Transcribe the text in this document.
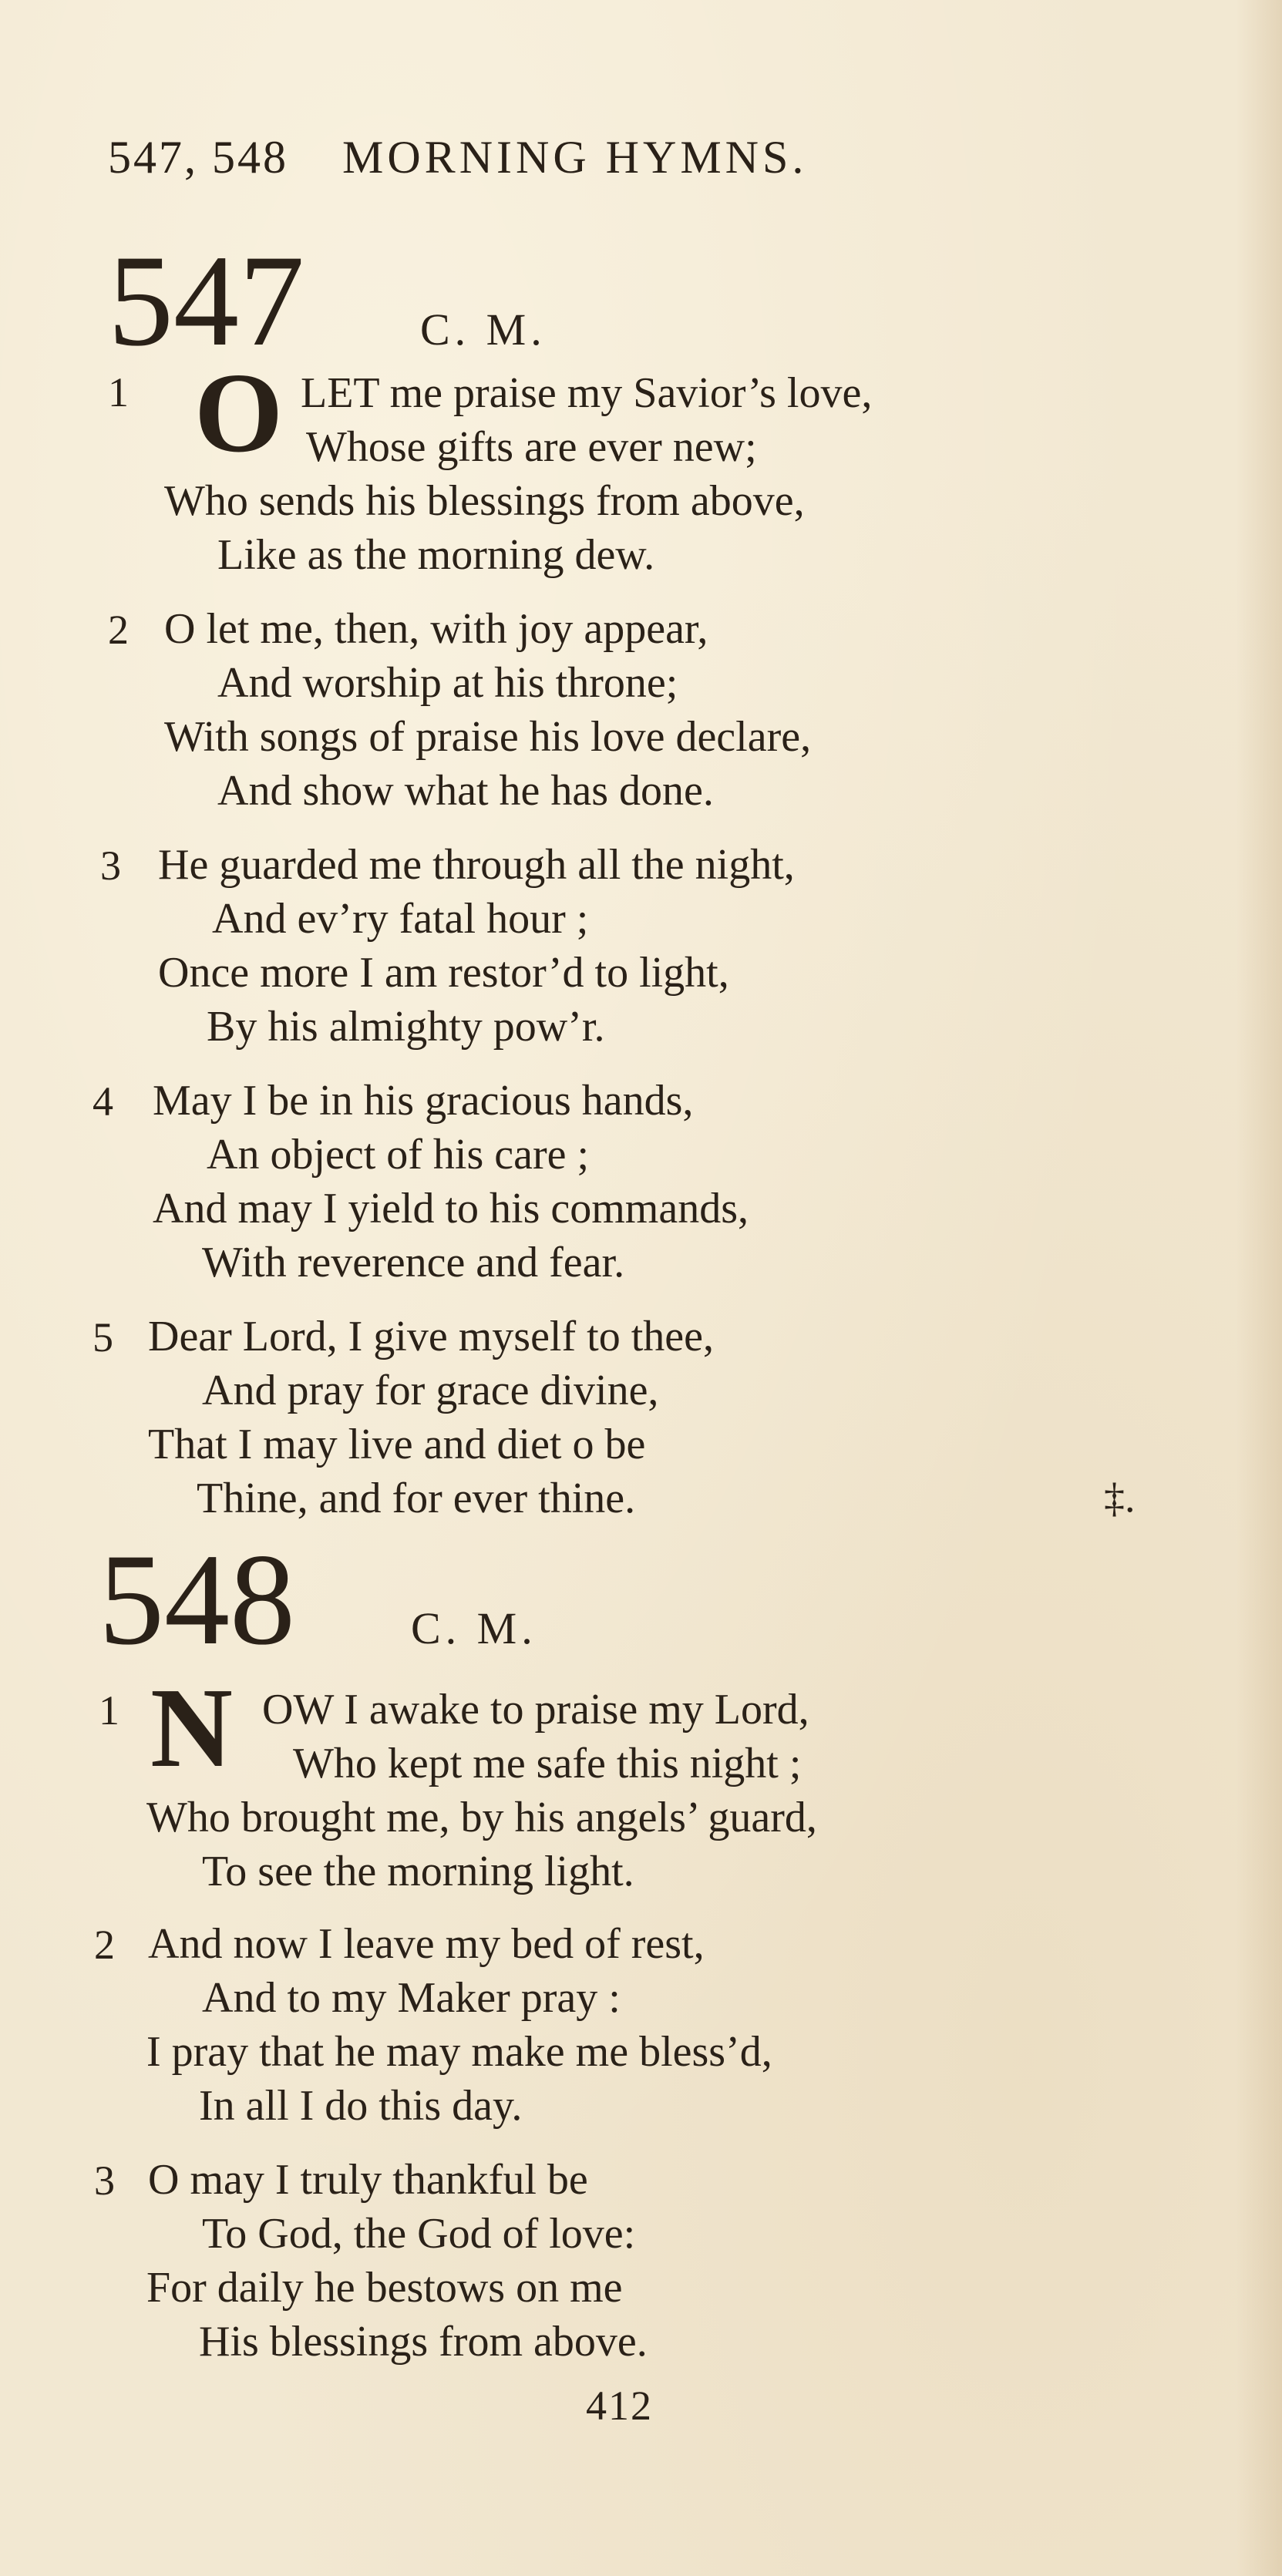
547, 548 MORNING HYMNS.
547	C. M.
1 O LET me praise my Savior’s love,
Whose gifts are ever new;
Who sends his blessings from above,
Like as the morning dew.
2 O let me, then, with joy appear,
And worship at his throne;
With songs of praise his love declare,
And show what he has done.
3 He guarded me through all the night,
And ev’ry fatal hour ;
Once more I am restor’d to light,
By his almighty pow’r.
4 May I be in his gracious hands,
An object of his care ;
And may I yield to his commands,
With reverence and fear.
5 Dear Lord, I give myself to thee,
And pray for grace divine,
That I may live and diet o be
Thine, and for ever thine.	‡.
548	C. M.
1 N OW I awake to praise my Lord,
Who kept me safe this night ;
Who brought me, by his angels’ guard,
To see the morning light.
2 And now I leave my bed of rest,
And to my Maker pray :
I pray that he may make me bless’d,
In all I do this day.
3 O may I truly thankful be
To God, the God of love:
For daily he bestows on me
His blessings from above.
412
